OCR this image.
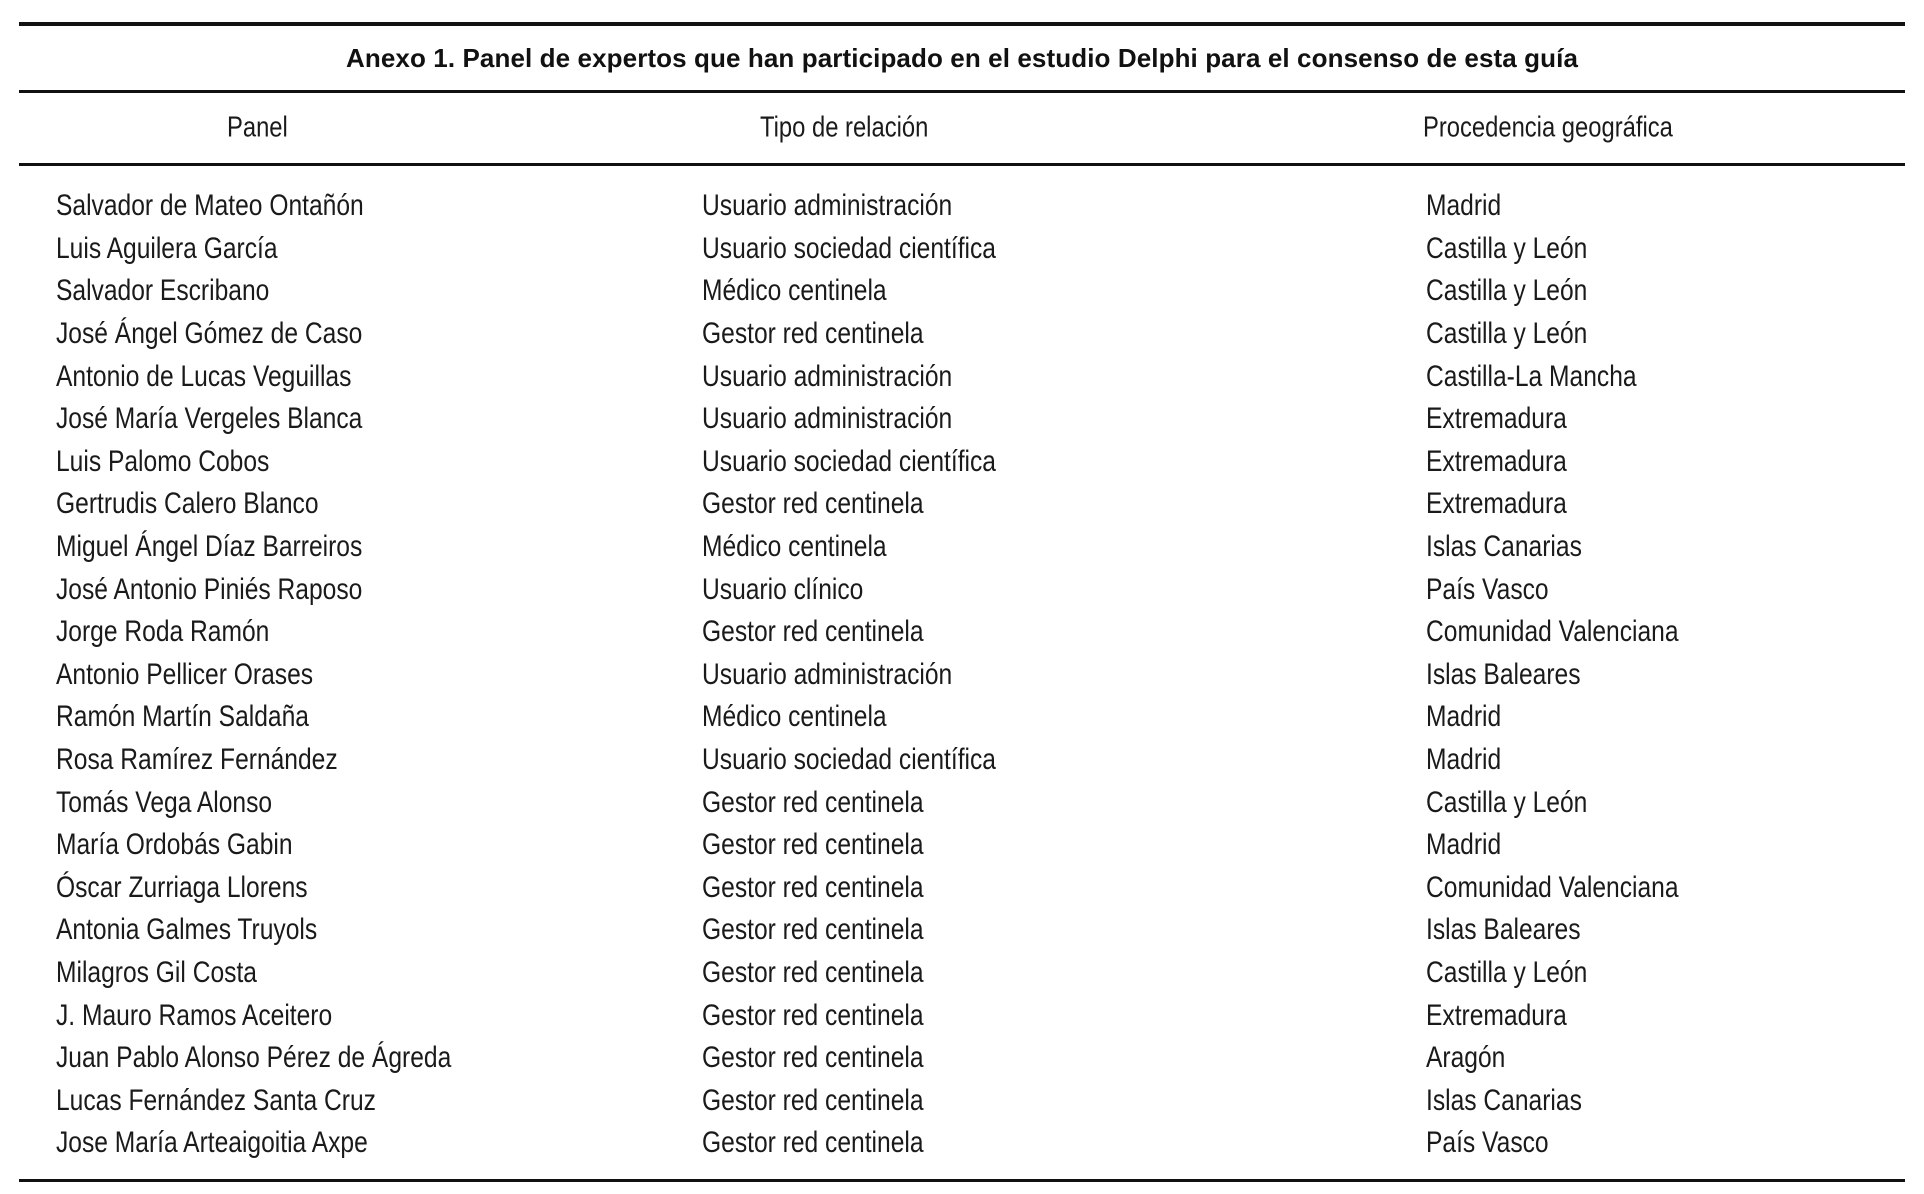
Anexo 1. Panel de expertos que han participado en el estudio Delphi para el consenso de esta guía
Panel	Tipo de relación	Procedencia geográfica
Salvador de Mateo Ontañón	Usuario administración	Madrid
Luis Aguilera García	Usuario sociedad científica	Castilla y León
Salvador Escribano	Médico centinela	Castilla y León
José Ángel Gómez de Caso	Gestor red centinela	Castilla y León
Antonio de Lucas Veguillas	Usuario administración	Castilla-La Mancha
José María Vergeles Blanca	Usuario administración	Extremadura
Luis Palomo Cobos	Usuario sociedad científica	Extremadura
Gertrudis Calero Blanco	Gestor red centinela	Extremadura
Miguel Ángel Díaz Barreiros	Médico centinela	Islas Canarias
José Antonio Piniés Raposo	Usuario clínico	País Vasco
Jorge Roda Ramón	Gestor red centinela	Comunidad Valenciana
Antonio Pellicer Orases	Usuario administración	Islas Baleares
Ramón Martín Saldaña	Médico centinela	Madrid
Rosa Ramírez Fernández	Usuario sociedad científica	Madrid
Tomás Vega Alonso	Gestor red centinela	Castilla y León
María Ordobás Gabin	Gestor red centinela	Madrid
Óscar Zurriaga Llorens	Gestor red centinela	Comunidad Valenciana
Antonia Galmes Truyols	Gestor red centinela	Islas Baleares
Milagros Gil Costa	Gestor red centinela	Castilla y León
J. Mauro Ramos Aceitero	Gestor red centinela	Extremadura
Juan Pablo Alonso Pérez de Ágreda	Gestor red centinela	Aragón
Lucas Fernández Santa Cruz	Gestor red centinela	Islas Canarias
Jose María Arteaigoitia Axpe	Gestor red centinela	País Vasco
